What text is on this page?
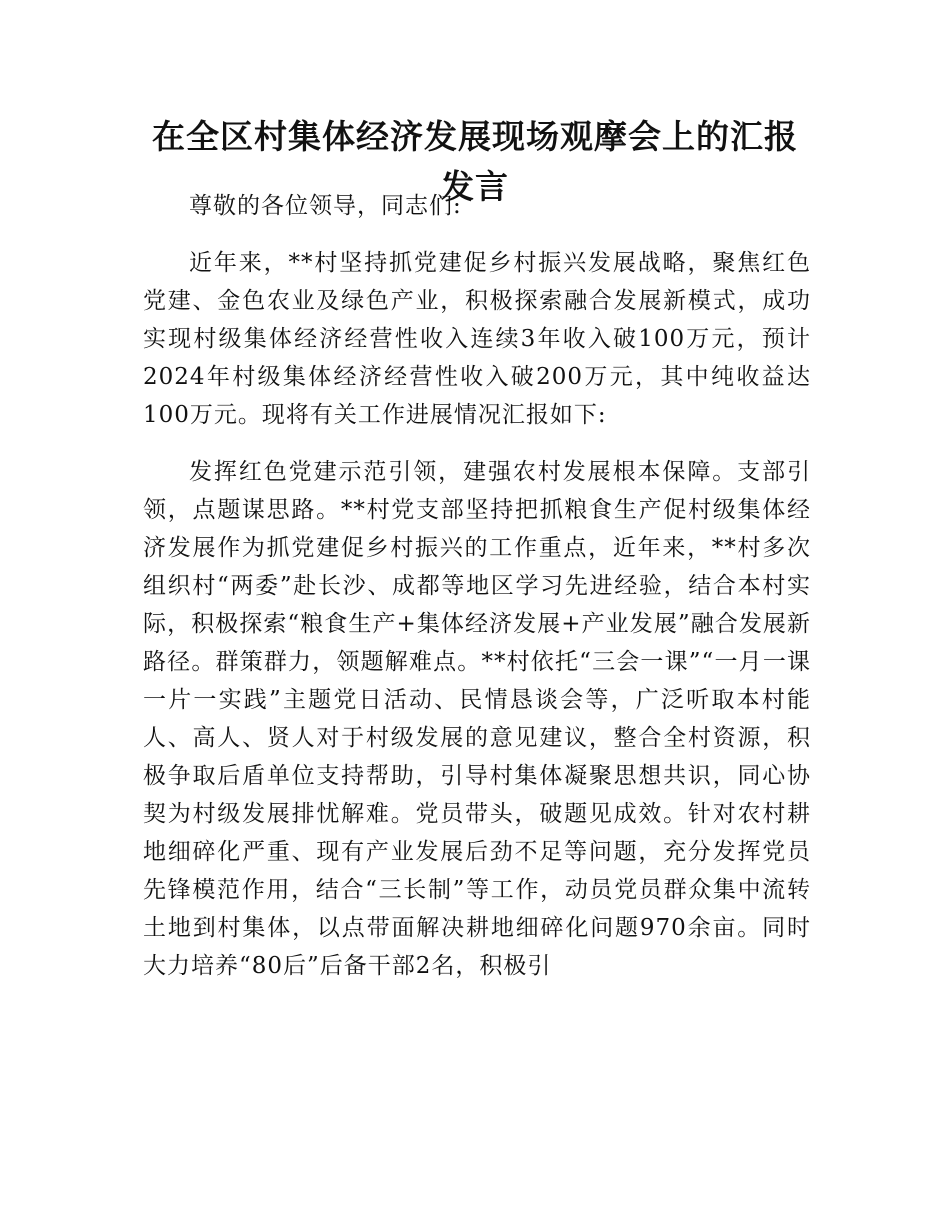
在全区村集体经济发展现场观摩会上的汇报发言

尊敬的各位领导，同志们:

近年来，**村坚持抓党建促乡村振兴发展战略，聚焦红色党建、金色农业及绿色产业，积极探索融合发展新模式，成功实现村级集体经济经营性收入连续3年收入破100万元，预计2024年村级集体经济经营性收入破200万元，其中纯收益达100万元。现将有关工作进展情况汇报如下:

发挥红色党建示范引领，建强农村发展根本保障。支部引领，点题谋思路。**村党支部坚持把抓粮食生产促村级集体经济发展作为抓党建促乡村振兴的工作重点，近年来，**村多次组织村“两委”赴长沙、成都等地区学习先进经验，结合本村实际，积极探索“粮食生产+集体经济发展+产业发展”融合发展新路径。群策群力，领题解难点。**村依托“三会一课”“一月一课一片一实践”主题党日活动、民情恳谈会等，广泛听取本村能人、高人、贤人对于村级发展的意见建议，整合全村资源，积极争取后盾单位支持帮助，引导村集体凝聚思想共识，同心协契为村级发展排忧解难。党员带头，破题见成效。针对农村耕地细碎化严重、现有产业发展后劲不足等问题，充分发挥党员先锋模范作用，结合“三长制”等工作，动员党员群众集中流转土地到村集体，以点带面解决耕地细碎化问题970余亩。同时大力培养“80后”后备干部2名，积极引
